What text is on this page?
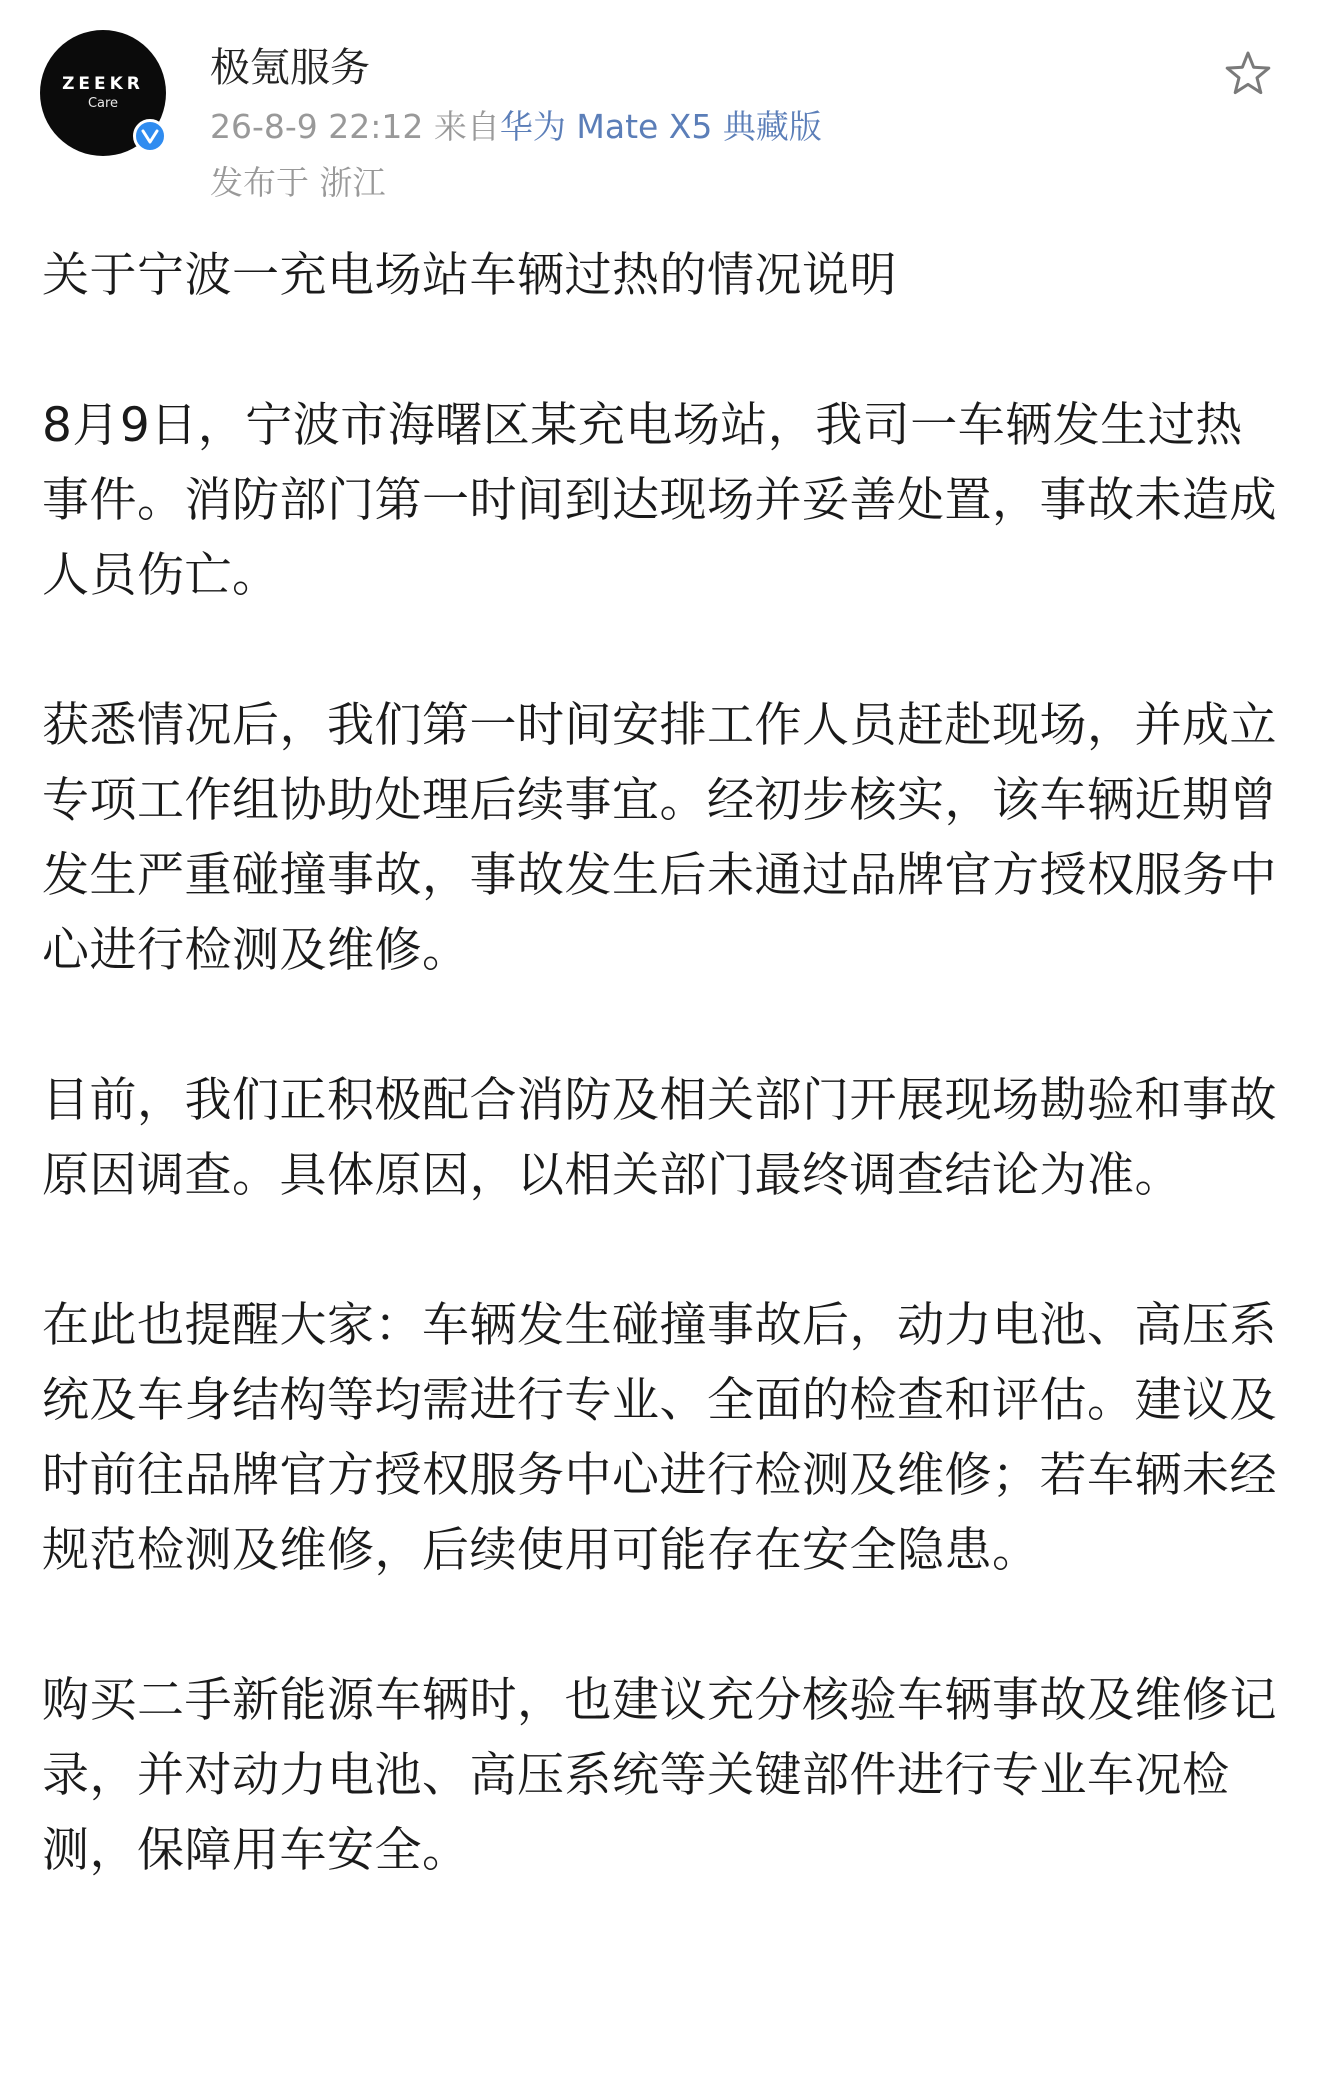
ZEEKR
Care
极氪服务
26-8-9 22:12 来自华为 Mate X5 典藏版
发布于 浙江

关于宁波一充电场站车辆过热的情况说明

8月9日，宁波市海曙区某充电场站，我司一车辆发生过热事件。消防部门第一时间到达现场并妥善处置，事故未造成人员伤亡。

获悉情况后，我们第一时间安排工作人员赶赴现场，并成立专项工作组协助处理后续事宜。经初步核实，该车辆近期曾发生严重碰撞事故，事故发生后未通过品牌官方授权服务中心进行检测及维修。

目前，我们正积极配合消防及相关部门开展现场勘验和事故原因调查。具体原因，以相关部门最终调查结论为准。

在此也提醒大家：车辆发生碰撞事故后，动力电池、高压系统及车身结构等均需进行专业、全面的检查和评估。建议及时前往品牌官方授权服务中心进行检测及维修；若车辆未经规范检测及维修，后续使用可能存在安全隐患。

购买二手新能源车辆时，也建议充分核验车辆事故及维修记录，并对动力电池、高压系统等关键部件进行专业车况检测，保障用车安全。
